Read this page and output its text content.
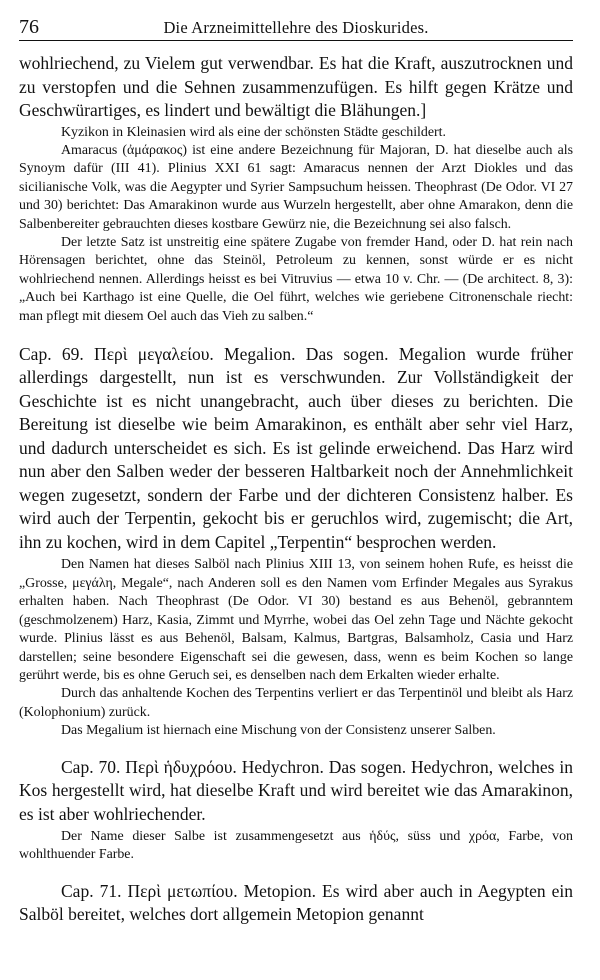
76	Die Arzneimittellehre des Dioskurides.

wohlriechend, zu Vielem gut verwendbar. Es hat die Kraft, auszutrocknen und zu verstopfen und die Sehnen zusammenzufügen. Es hilft gegen Krätze und Geschwürartiges, es lindert und bewältigt die Blähungen.]

Kyzikon in Kleinasien wird als eine der schönsten Städte geschildert.

Amaracus (ἀμάρακος) ist eine andere Bezeichnung für Majoran, D. hat dieselbe auch als Synoym dafür (III 41). Plinius XXI 61 sagt: Amaracus nennen der Arzt Diokles und das sicilianische Volk, was die Aegypter und Syrier Sampsuchum heissen. Theophrast (De Odor. VI 27 und 30) berichtet: Das Amarakinon wurde aus Wurzeln hergestellt, aber ohne Amarakon, denn die Salbenbereiter gebrauchten dieses kostbare Gewürz nie, die Bezeichnung sei also falsch.

Der letzte Satz ist unstreitig eine spätere Zugabe von fremder Hand, oder D. hat rein nach Hörensagen berichtet, ohne das Steinöl, Petroleum zu kennen, sonst würde er es nicht wohlriechend nennen. Allerdings heisst es bei Vitruvius — etwa 10 v. Chr. — (De architect. 8, 3): „Auch bei Karthago ist eine Quelle, die Oel führt, welches wie geriebene Citronenschale riecht: man pflegt mit diesem Oel auch das Vieh zu salben.“

Cap. 69. Περὶ μεγαλείου. Megalion. Das sogen. Megalion wurde früher allerdings dargestellt, nun ist es verschwunden. Zur Vollständigkeit der Geschichte ist es nicht unangebracht, auch über dieses zu berichten. Die Bereitung ist dieselbe wie beim Amarakinon, es enthält aber sehr viel Harz, und dadurch unterscheidet es sich. Es ist gelinde erweichend. Das Harz wird nun aber den Salben weder der besseren Haltbarkeit noch der Annehmlichkeit wegen zugesetzt, sondern der Farbe und der dichteren Consistenz halber. Es wird auch der Terpentin, gekocht bis er geruchlos wird, zugemischt; die Art, ihn zu kochen, wird in dem Capitel „Terpentin“ besprochen werden.

Den Namen hat dieses Salböl nach Plinius XIII 13, von seinem hohen Rufe, es heisst die „Grosse, μεγάλη, Megale“, nach Anderen soll es den Namen vom Erfinder Megales aus Syrakus erhalten haben. Nach Theophrast (De Odor. VI 30) bestand es aus Behenöl, gebranntem (geschmolzenem) Harz, Kasia, Zimmt und Myrrhe, wobei das Oel zehn Tage und Nächte gekocht wurde. Plinius lässt es aus Behenöl, Balsam, Kalmus, Bartgras, Balsamholz, Casia und Harz darstellen; seine besondere Eigenschaft sei die gewesen, dass, wenn es beim Kochen so lange gerührt werde, bis es ohne Geruch sei, es denselben nach dem Erkalten wieder erhalte.

Durch das anhaltende Kochen des Terpentins verliert er das Terpentinöl und bleibt als Harz (Kolophonium) zurück.

Das Megalium ist hiernach eine Mischung von der Consistenz unserer Salben.

Cap. 70. Περὶ ἡδυχρόου. Hedychron. Das sogen. Hedychron, welches in Kos hergestellt wird, hat dieselbe Kraft und wird bereitet wie das Amarakinon, es ist aber wohlriechender.

Der Name dieser Salbe ist zusammengesetzt aus ἡδύς, süss und χρόα, Farbe, von wohlthuender Farbe.

Cap. 71. Περὶ μετωπίου. Metopion. Es wird aber auch in Aegypten ein Salböl bereitet, welches dort allgemein Metopion genannt
